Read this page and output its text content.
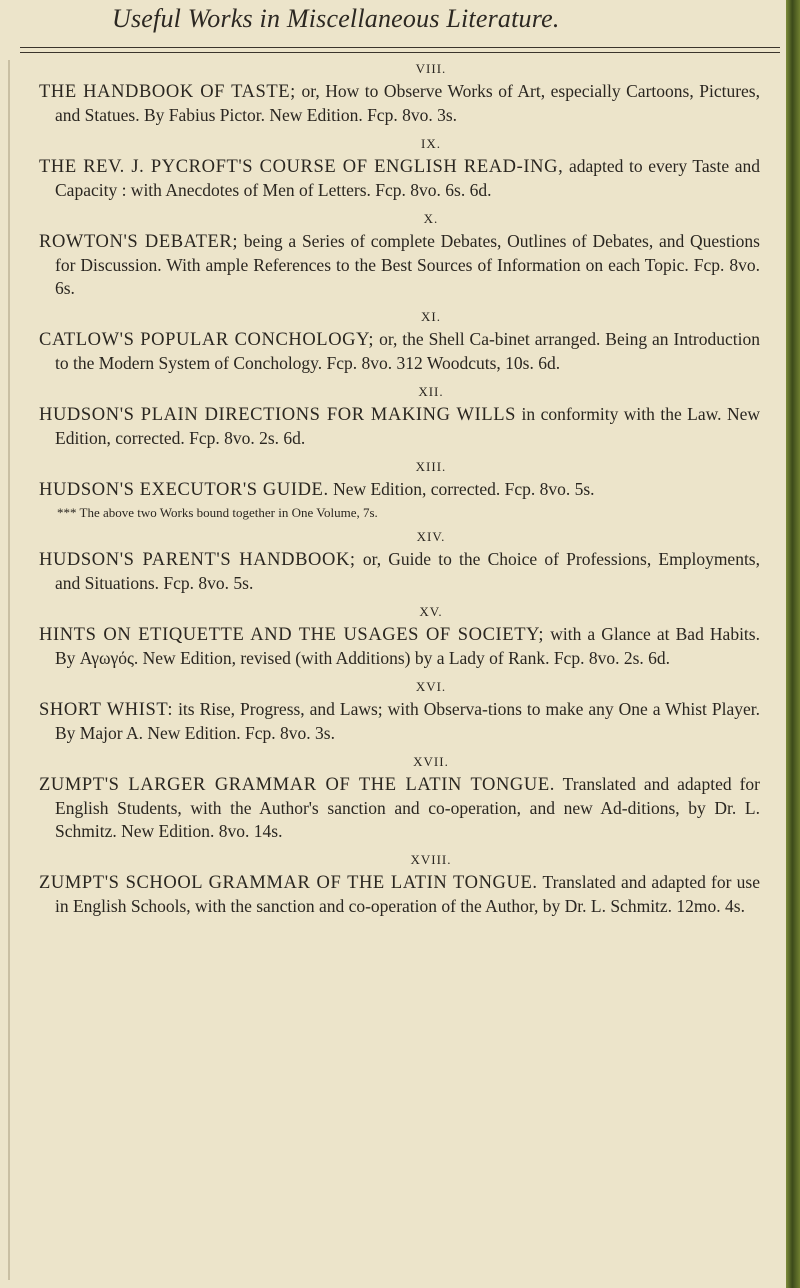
Useful Works in Miscellaneous Literature.
VIII.
THE HANDBOOK OF TASTE; or, How to Observe Works of Art, especially Cartoons, Pictures, and Statues. By Fabius Pictor. New Edition. Fcp. 8vo. 3s.
IX.
THE REV. J. PYCROFT'S COURSE OF ENGLISH READ-ING, adapted to every Taste and Capacity : with Anecdotes of Men of Letters. Fcp. 8vo. 6s. 6d.
X.
ROWTON'S DEBATER; being a Series of complete Debates, Outlines of Debates, and Questions for Discussion. With ample References to the Best Sources of Information on each Topic. Fcp. 8vo. 6s.
XI.
CATLOW'S POPULAR CONCHOLOGY; or, the Shell Ca-binet arranged. Being an Introduction to the Modern System of Conchology. Fcp. 8vo. 312 Woodcuts, 10s. 6d.
XII.
HUDSON'S PLAIN DIRECTIONS FOR MAKING WILLS in conformity with the Law. New Edition, corrected. Fcp. 8vo. 2s. 6d.
XIII.
HUDSON'S EXECUTOR'S GUIDE. New Edition, corrected. Fcp. 8vo. 5s.
*** The above two Works bound together in One Volume, 7s.
XIV.
HUDSON'S PARENT'S HANDBOOK; or, Guide to the Choice of Professions, Employments, and Situations. Fcp. 8vo. 5s.
XV.
HINTS ON ETIQUETTE AND THE USAGES OF SOCIETY; with a Glance at Bad Habits. By Αγωγός. New Edition, revised (with Additions) by a Lady of Rank. Fcp. 8vo. 2s. 6d.
XVI.
SHORT WHIST: its Rise, Progress, and Laws; with Observa-tions to make any One a Whist Player. By Major A. New Edition. Fcp. 8vo. 3s.
XVII.
ZUMPT'S LARGER GRAMMAR OF THE LATIN TONGUE. Translated and adapted for English Students, with the Author's sanction and co-operation, and new Ad-ditions, by Dr. L. Schmitz. New Edition. 8vo. 14s.
XVIII.
ZUMPT'S SCHOOL GRAMMAR OF THE LATIN TONGUE. Translated and adapted for use in English Schools, with the sanction and co-operation of the Author, by Dr. L. Schmitz. 12mo. 4s.
